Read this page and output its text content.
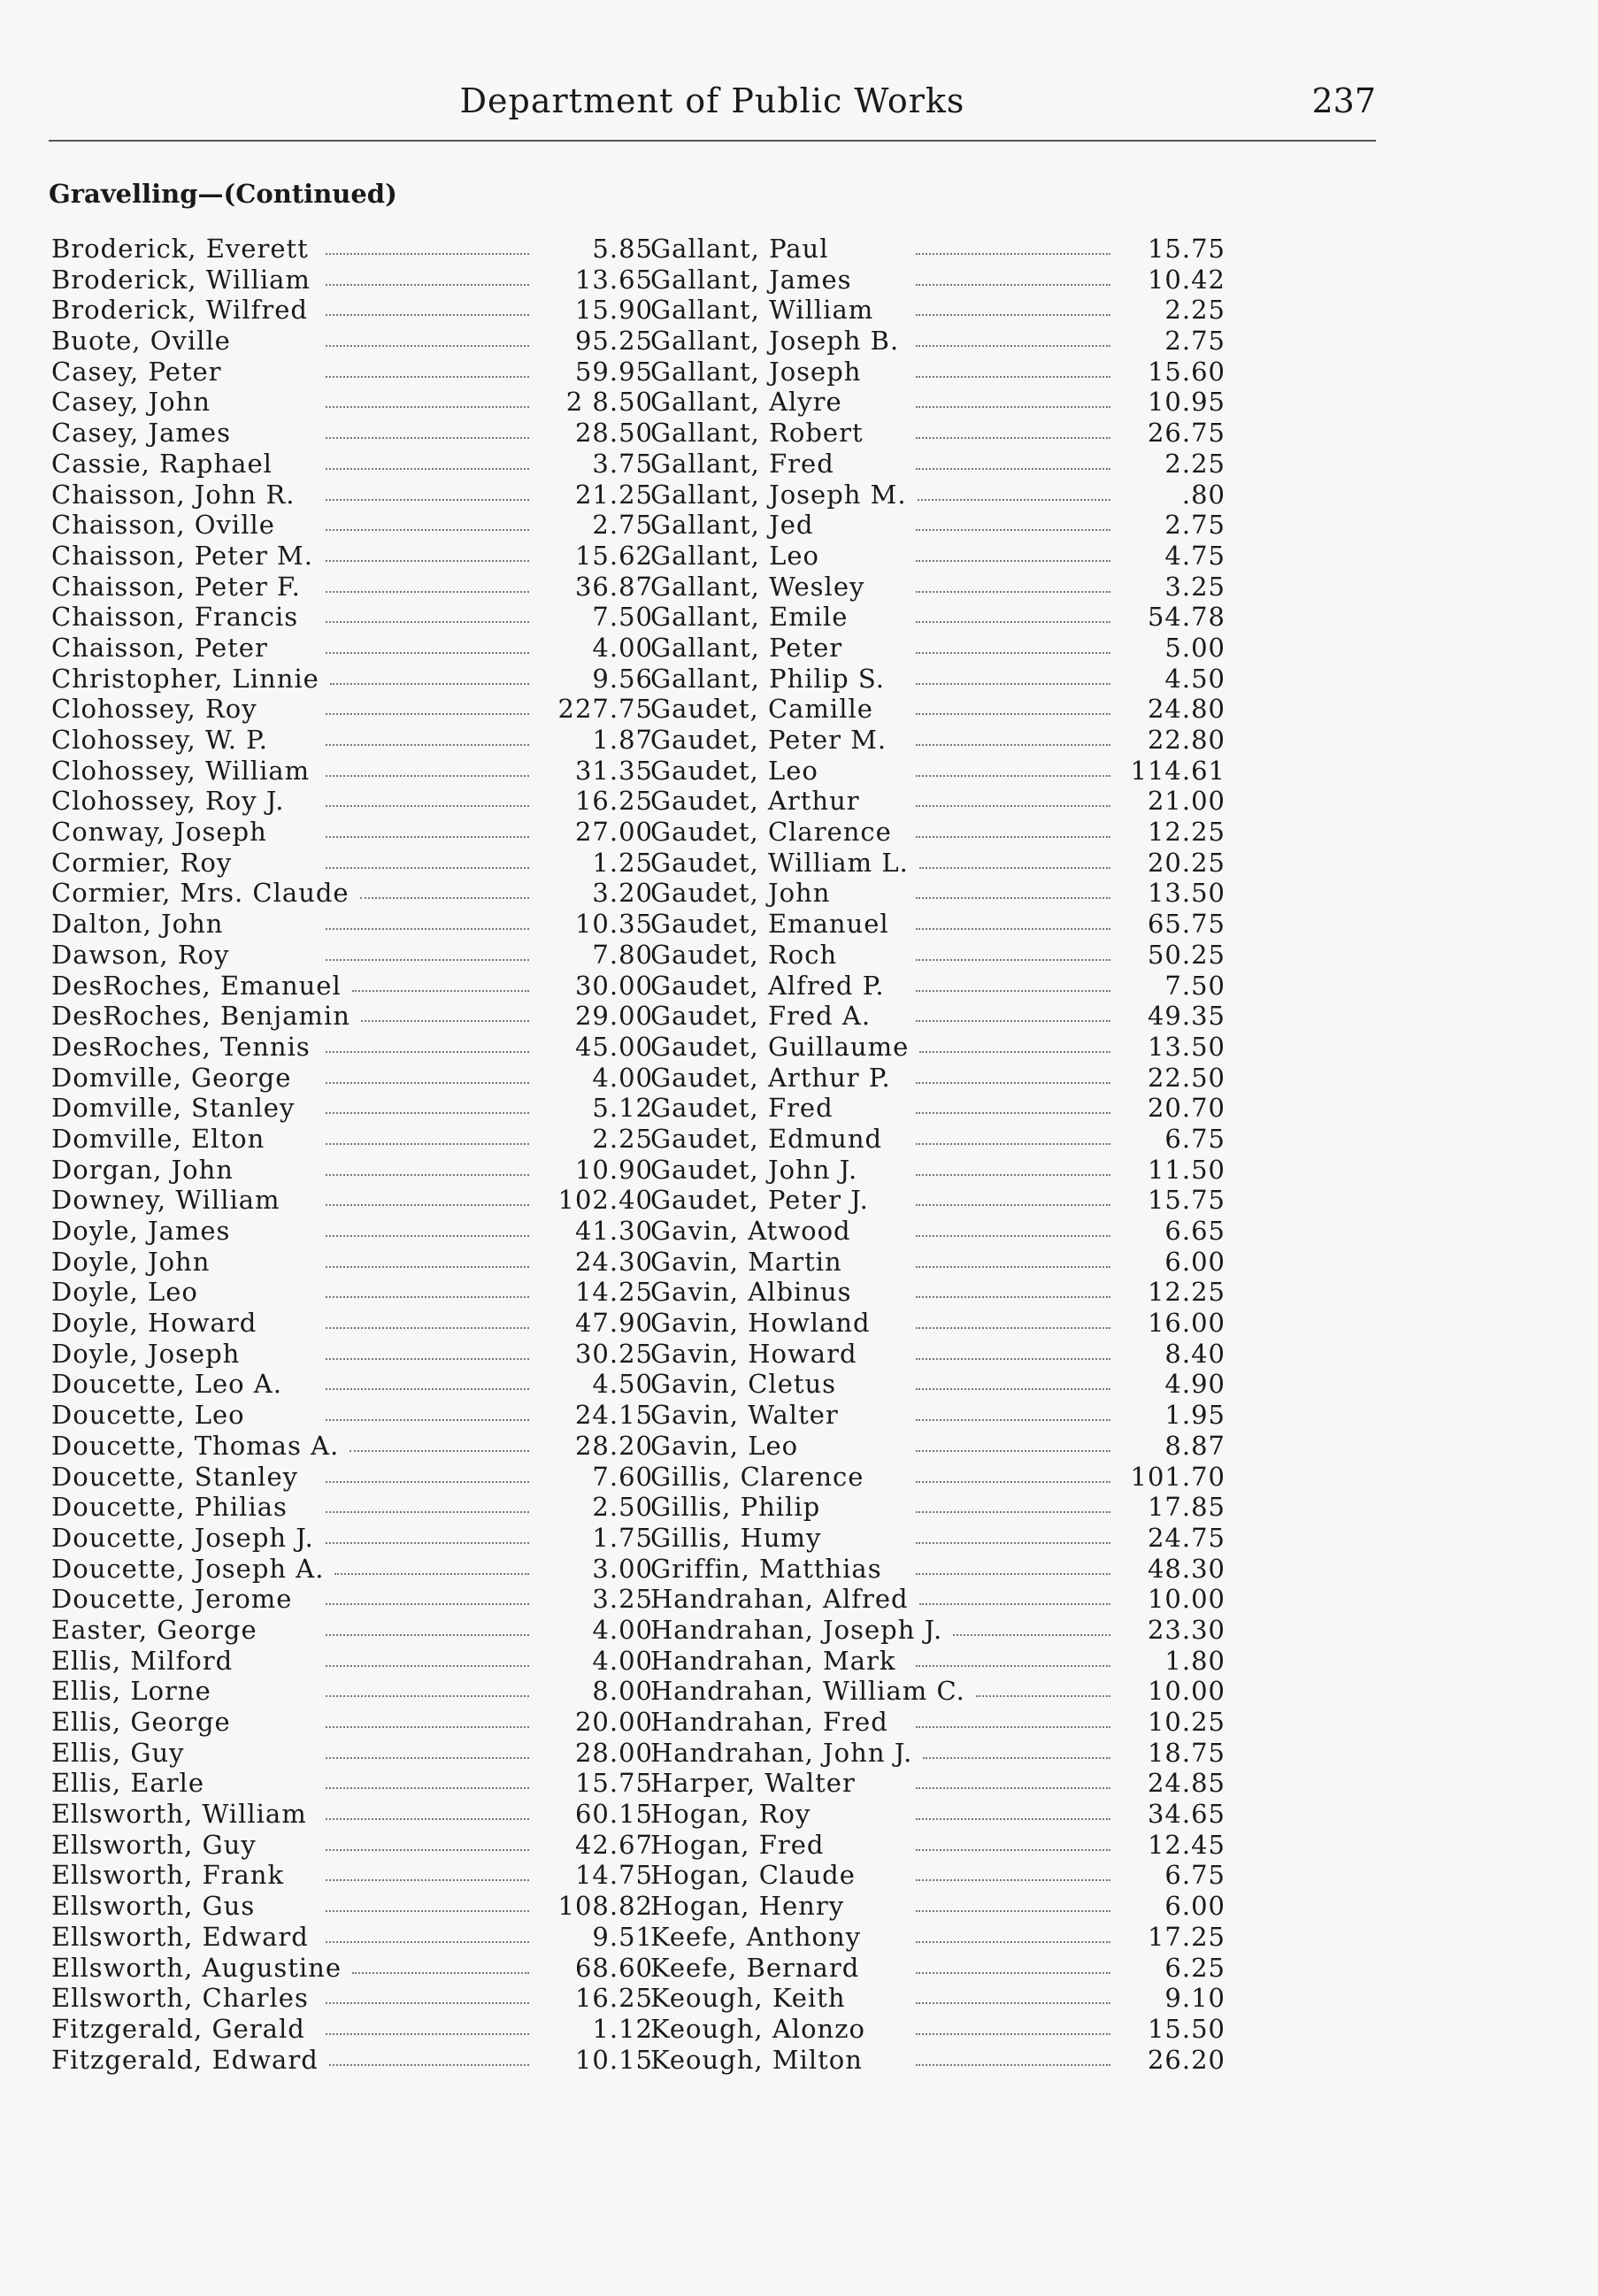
Department of Public Works	237
Gravelling—(Continued)
Broderick, Everett	5.85
Broderick, William	13.65
Broderick, Wilfred	15.90
Buote, Oville	95.25
Casey, Peter	59.95
Casey, John	2 8.50
Casey, James	28.50
Cassie, Raphael	3.75
Chaisson, John R.	21.25
Chaisson, Oville	2.75
Chaisson, Peter M.	15.62
Chaisson, Peter F.	36.87
Chaisson, Francis	7.50
Chaisson, Peter	4.00
Christopher, Linnie	9.56
Clohossey, Roy	227.75
Clohossey, W. P.	1.87
Clohossey, William	31.35
Clohossey, Roy J.	16.25
Conway, Joseph	27.00
Cormier, Roy	1.25
Cormier, Mrs. Claude	3.20
Dalton, John	10.35
Dawson, Roy	7.80
DesRoches, Emanuel	30.00
DesRoches, Benjamin	29.00
DesRoches, Tennis	45.00
Domville, George	4.00
Domville, Stanley	5.12
Domville, Elton	2.25
Dorgan, John	10.90
Downey, William	102.40
Doyle, James	41.30
Doyle, John	24.30
Doyle, Leo	14.25
Doyle, Howard	47.90
Doyle, Joseph	30.25
Doucette, Leo A.	4.50
Doucette, Leo	24.15
Doucette, Thomas A.	28.20
Doucette, Stanley	7.60
Doucette, Philias	2.50
Doucette, Joseph J.	1.75
Doucette, Joseph A.	3.00
Doucette, Jerome	3.25
Easter, George	4.00
Ellis, Milford	4.00
Ellis, Lorne	8.00
Ellis, George	20.00
Ellis, Guy	28.00
Ellis, Earle	15.75
Ellsworth, William	60.15
Ellsworth, Guy	42.67
Ellsworth, Frank	14.75
Ellsworth, Gus	108.82
Ellsworth, Edward	9.51
Ellsworth, Augustine	68.60
Ellsworth, Charles	16.25
Fitzgerald, Gerald	1.12
Fitzgerald, Edward	10.15
Gallant, Paul	15.75
Gallant, James	10.42
Gallant, William	2.25
Gallant, Joseph B.	2.75
Gallant, Joseph	15.60
Gallant, Alyre	10.95
Gallant, Robert	26.75
Gallant, Fred	2.25
Gallant, Joseph M.	.80
Gallant, Jed	2.75
Gallant, Leo	4.75
Gallant, Wesley	3.25
Gallant, Emile	54.78
Gallant, Peter	5.00
Gallant, Philip S.	4.50
Gaudet, Camille	24.80
Gaudet, Peter M.	22.80
Gaudet, Leo	114.61
Gaudet, Arthur	21.00
Gaudet, Clarence	12.25
Gaudet, William L.	20.25
Gaudet, John	13.50
Gaudet, Emanuel	65.75
Gaudet, Roch	50.25
Gaudet, Alfred P.	7.50
Gaudet, Fred A.	49.35
Gaudet, Guillaume	13.50
Gaudet, Arthur P.	22.50
Gaudet, Fred	20.70
Gaudet, Edmund	6.75
Gaudet, John J.	11.50
Gaudet, Peter J.	15.75
Gavin, Atwood	6.65
Gavin, Martin	6.00
Gavin, Albinus	12.25
Gavin, Howland	16.00
Gavin, Howard	8.40
Gavin, Cletus	4.90
Gavin, Walter	1.95
Gavin, Leo	8.87
Gillis, Clarence	101.70
Gillis, Philip	17.85
Gillis, Humy	24.75
Griffin, Matthias	48.30
Handrahan, Alfred	10.00
Handrahan, Joseph J.	23.30
Handrahan, Mark	1.80
Handrahan, William C.	10.00
Handrahan, Fred	10.25
Handrahan, John J.	18.75
Harper, Walter	24.85
Hogan, Roy	34.65
Hogan, Fred	12.45
Hogan, Claude	6.75
Hogan, Henry	6.00
Keefe, Anthony	17.25
Keefe, Bernard	6.25
Keough, Keith	9.10
Keough, Alonzo	15.50
Keough, Milton	26.20
